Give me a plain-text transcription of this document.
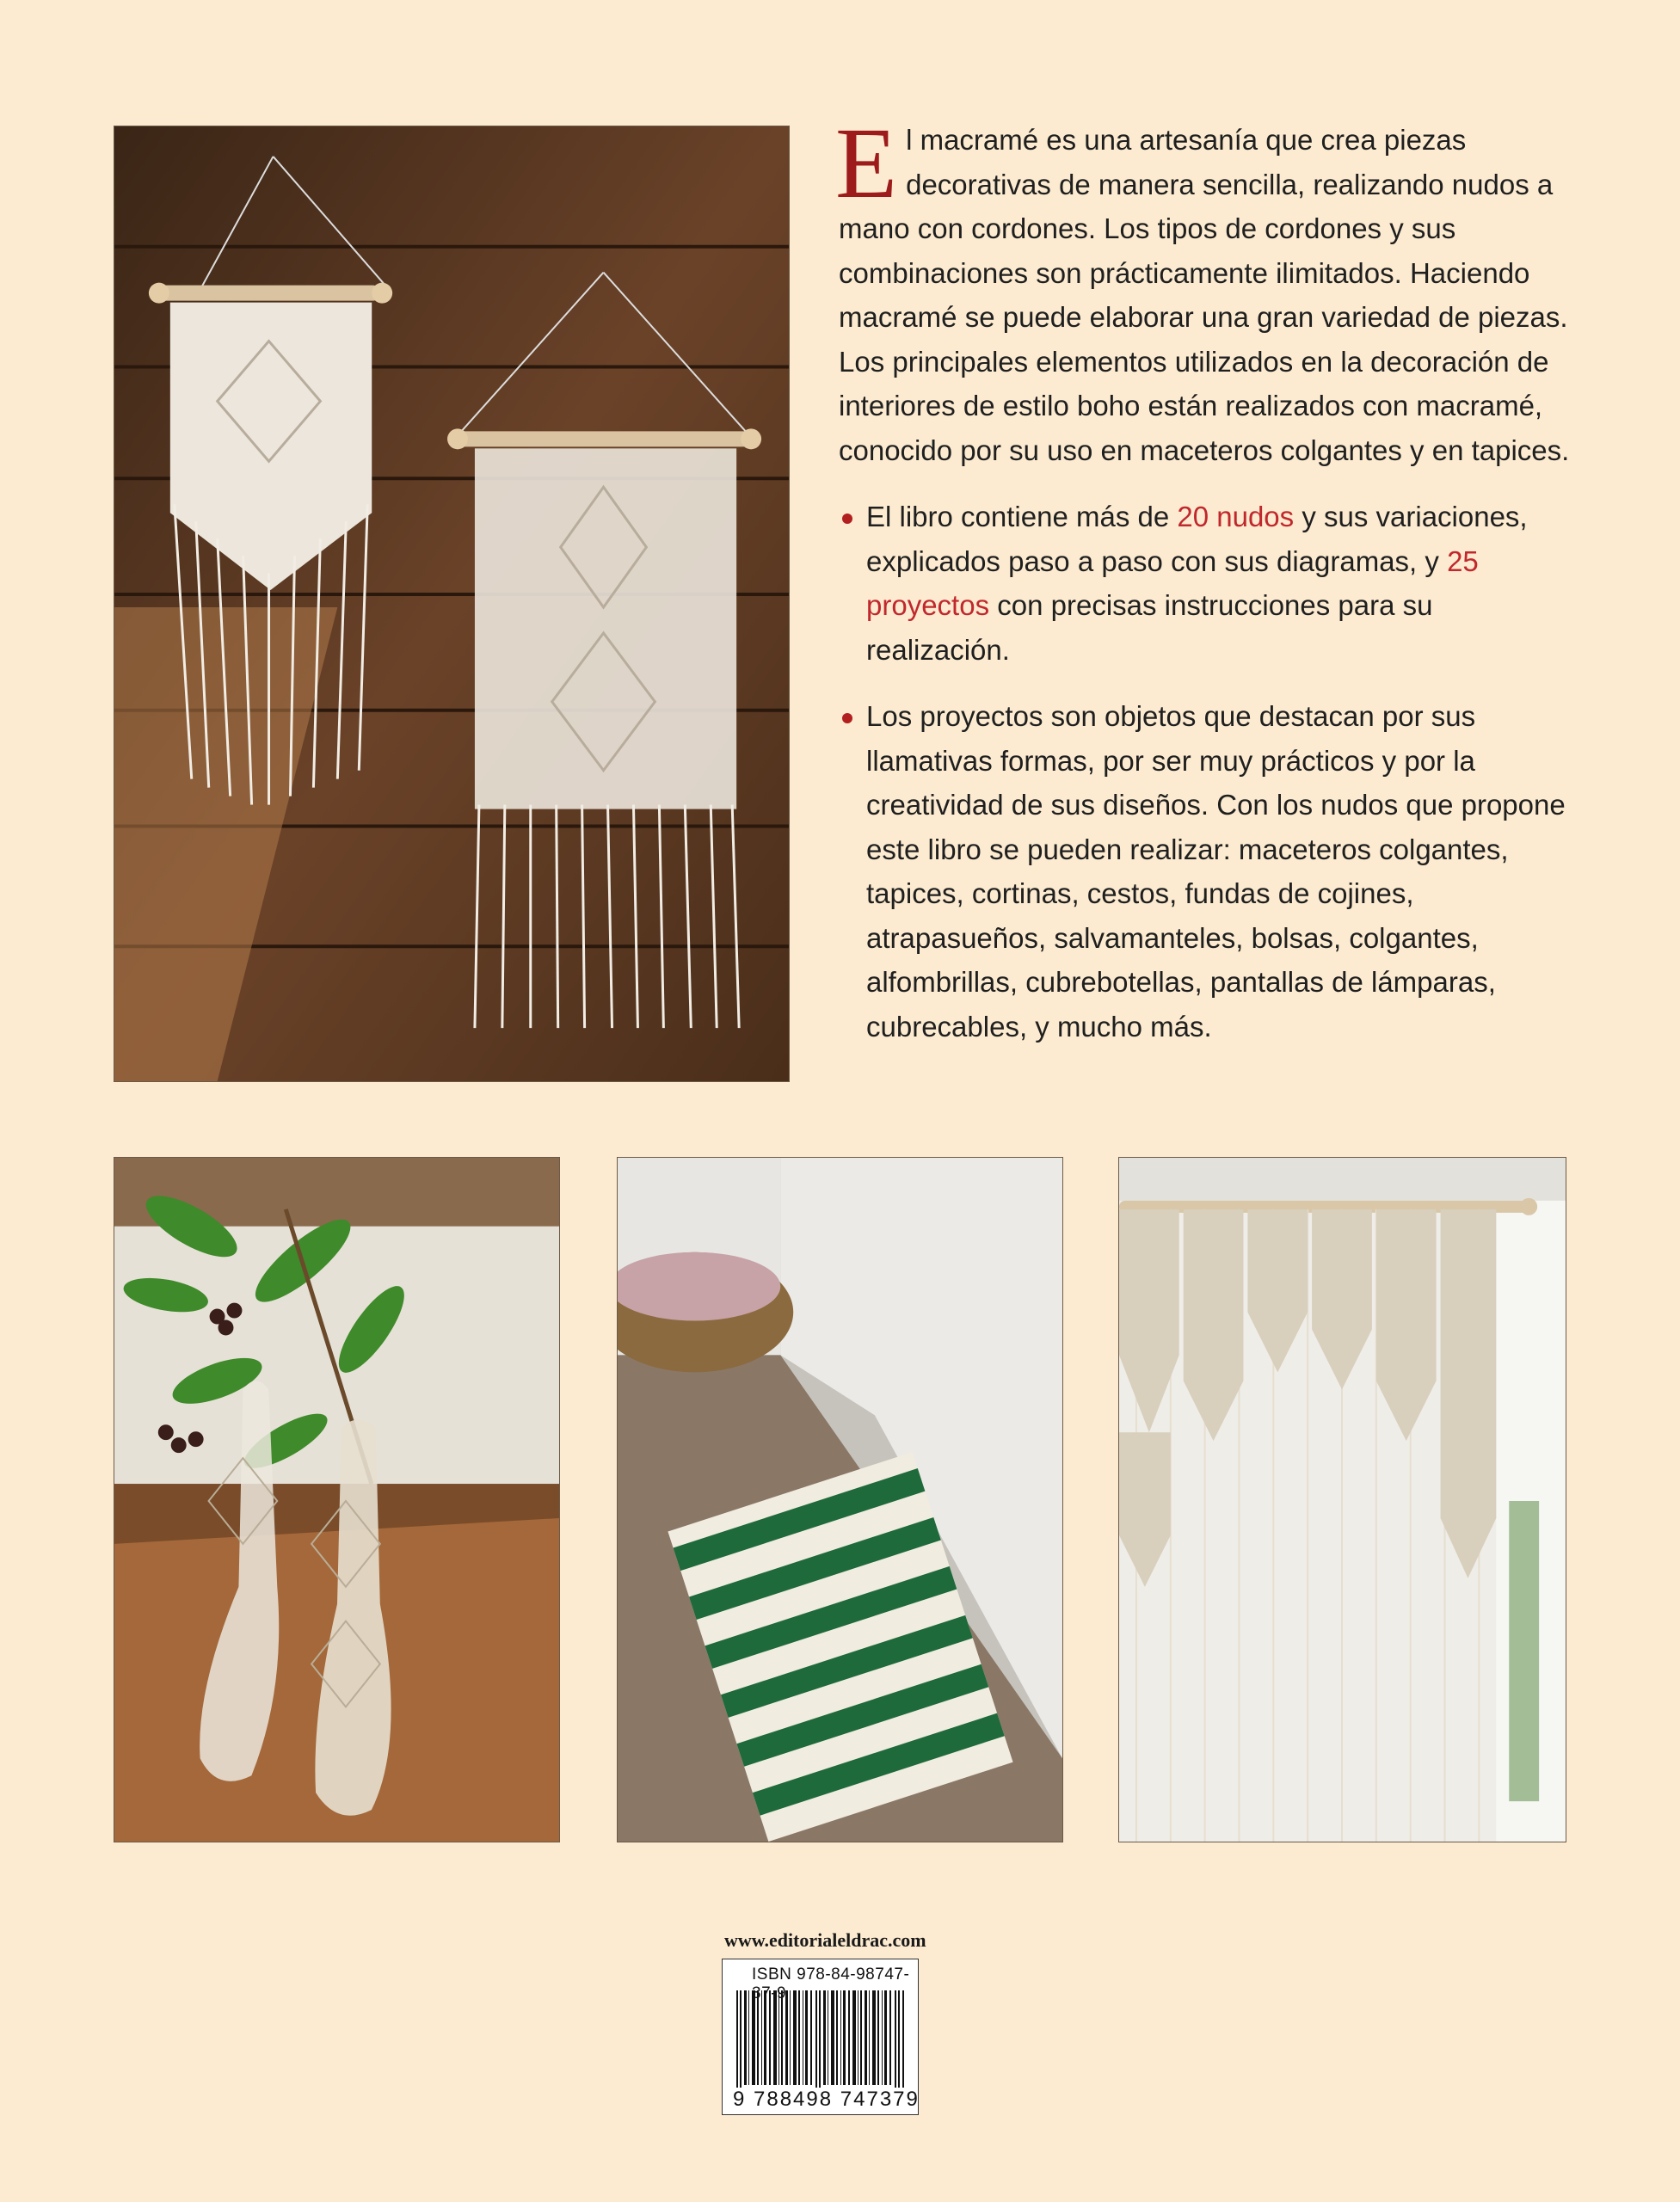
El macramé es una artesanía que crea piezas decorativas de manera sencilla, realizando nudos a mano con cordones. Los tipos de cordones y sus combinaciones son prácticamente ilimitados. Haciendo macramé se puede elaborar una gran variedad de piezas. Los principales elementos utilizados en la decoración de interiores de estilo boho están realizados con macramé, conocido por su uso en maceteros colgantes y en tapices.

El libro contiene más de 20 nudos y sus variaciones, explicados paso a paso con sus diagramas, y 25 proyectos con precisas instrucciones para su realización.
Los proyectos son objetos que destacan por sus llamativas formas, por ser muy prácticos y por la creatividad de sus diseños. Con los nudos que propone este libro se pueden realizar: maceteros colgantes, tapices, cortinas, cestos, fundas de cojines, atrapasueños, salvamanteles, bolsas, colgantes, alfombrillas, cubrebotellas, pantallas de lámparas, cubrecables, y mucho más.
www.editorialeldrac.com
ISBN 978-84-98747-3 -9
9 788498 747379
